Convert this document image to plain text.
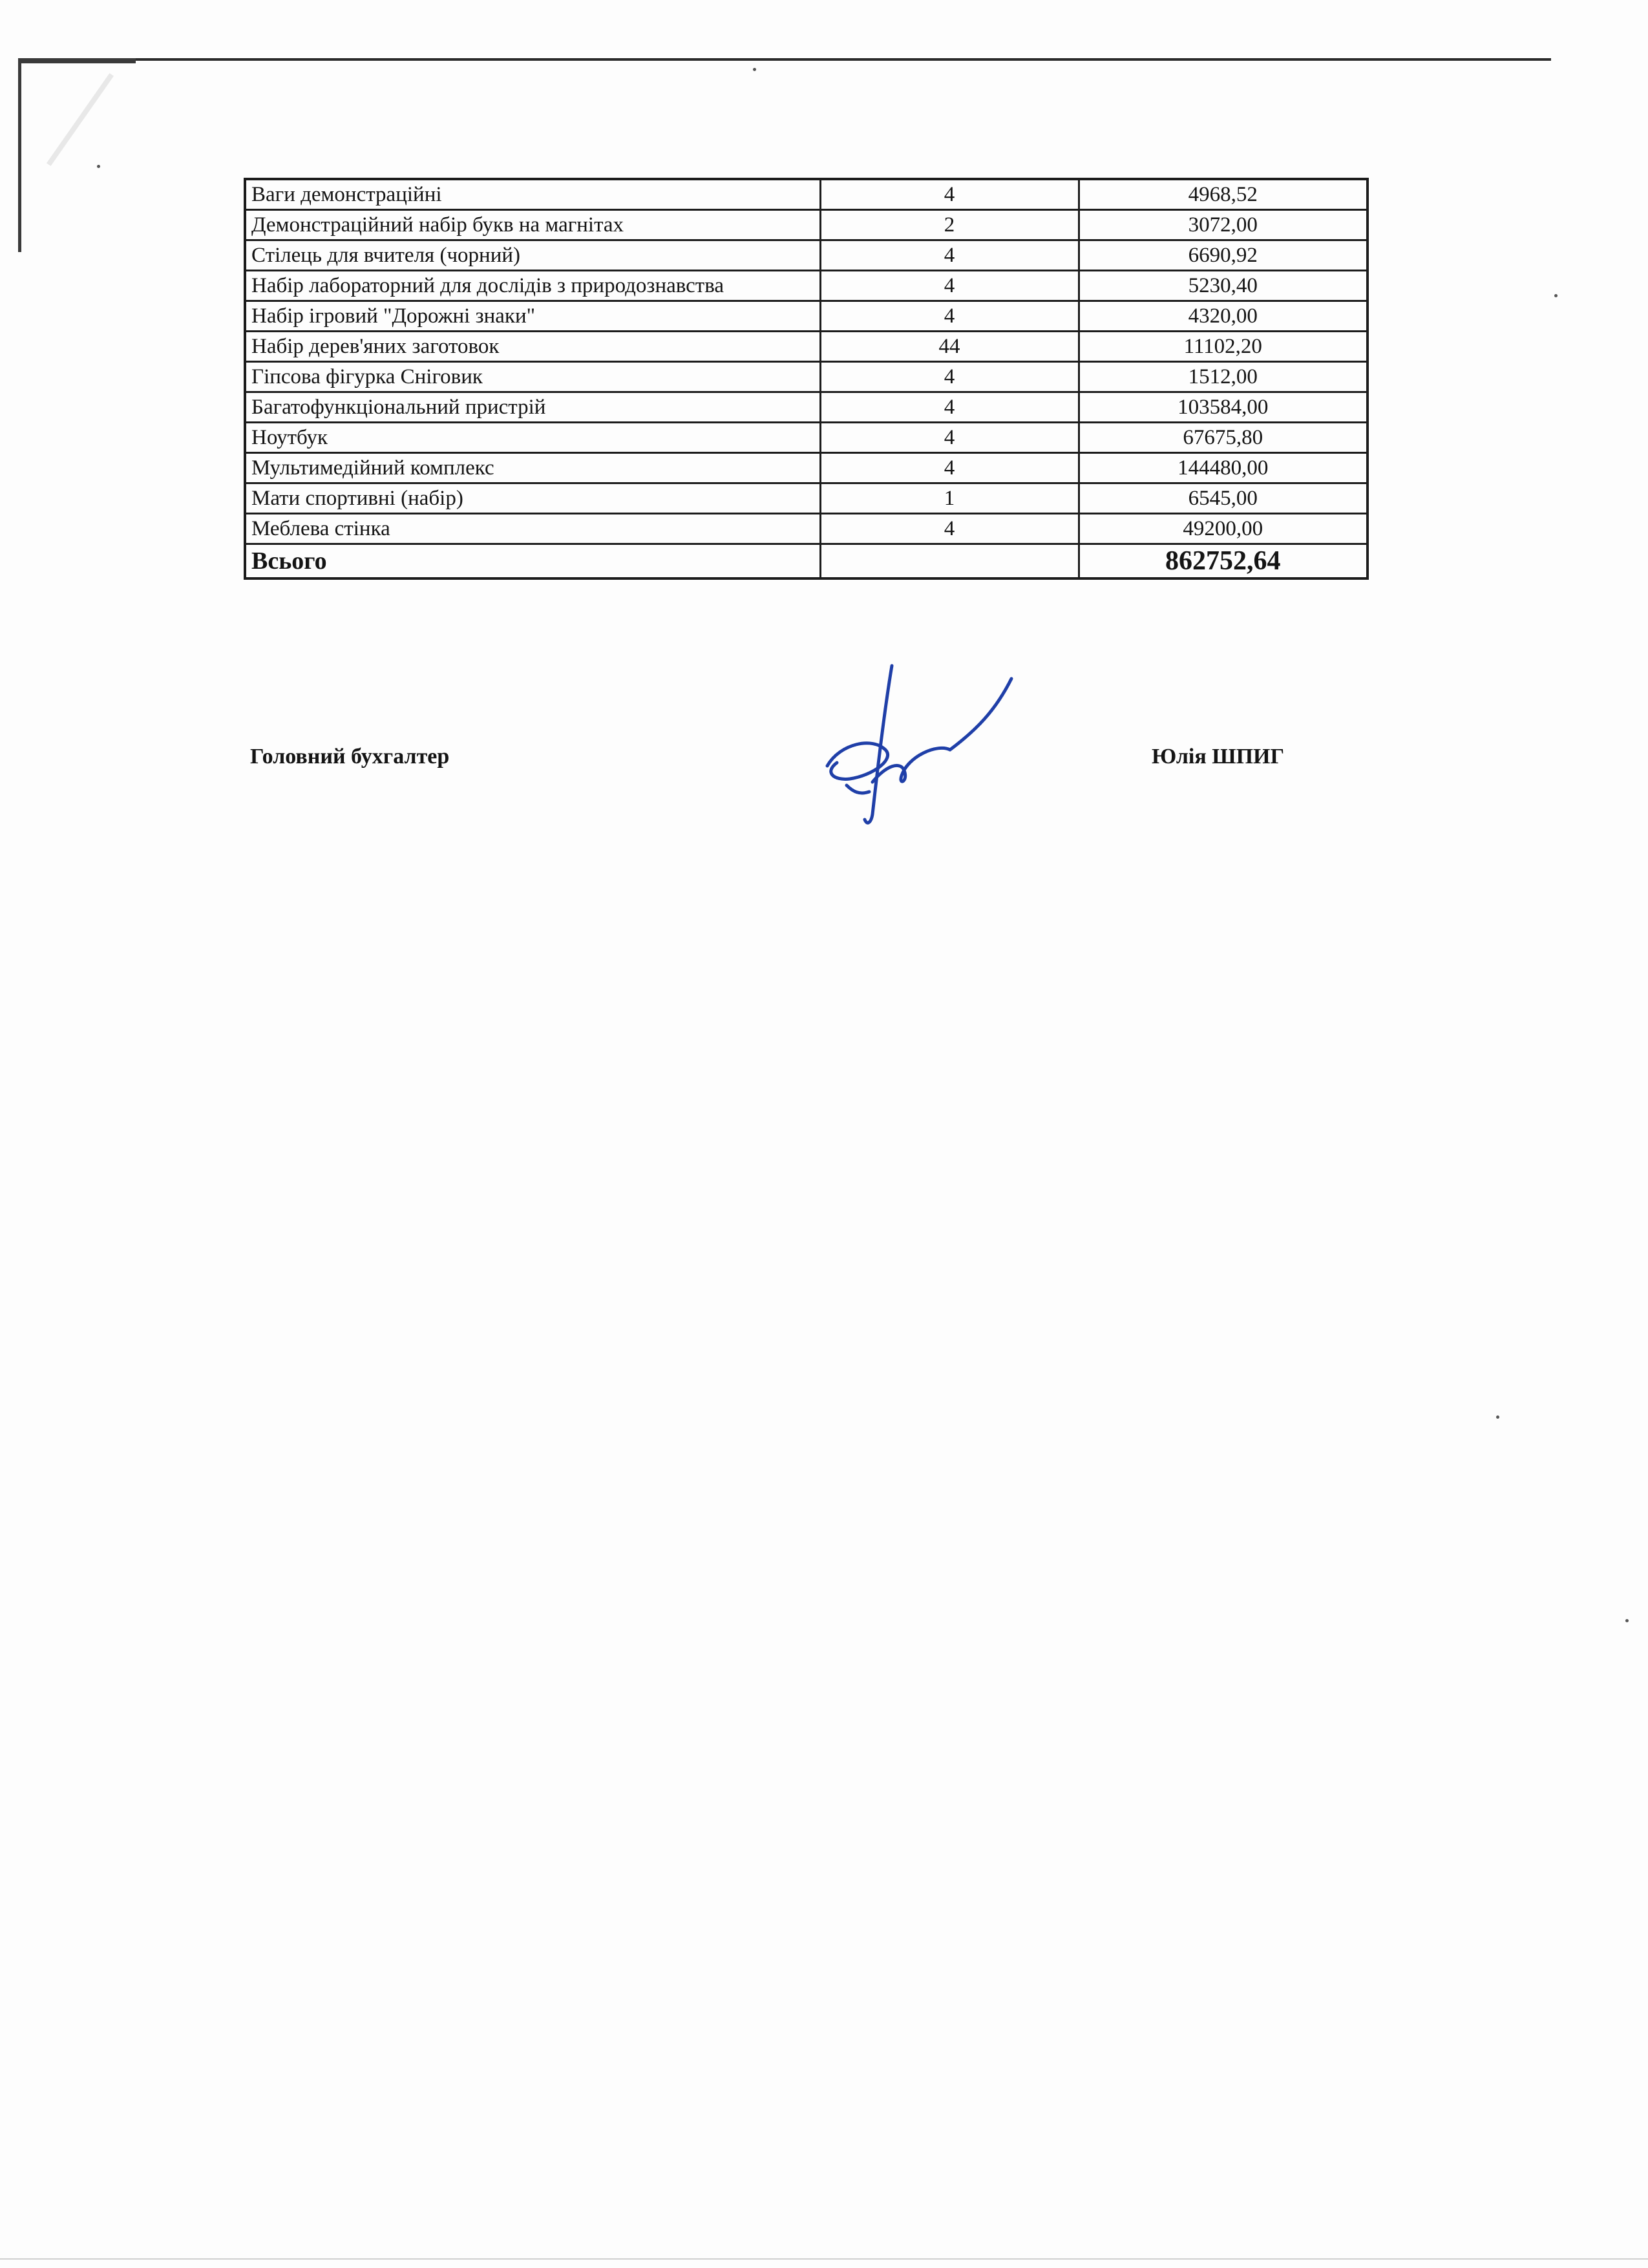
Ваги демонстраційні	4	4968,52
Демонстраційний набір букв на магнітах	2	3072,00
Стілець для вчителя (чорний)	4	6690,92
Набір лабораторний для дослідів з природознавства	4	5230,40
Набір ігровий "Дорожні знаки"	4	4320,00
Набір дерев'яних заготовок	44	11102,20
Гіпсова фігурка Сніговик	4	1512,00
Багатофункціональний пристрій	4	103584,00
Ноутбук	4	67675,80
Мультимедійний комплекс	4	144480,00
Мати спортивні (набір)	1	6545,00
Меблева стінка	4	49200,00
Всього		862752,64
Головний бухгалтер	Юлія ШПИГ
